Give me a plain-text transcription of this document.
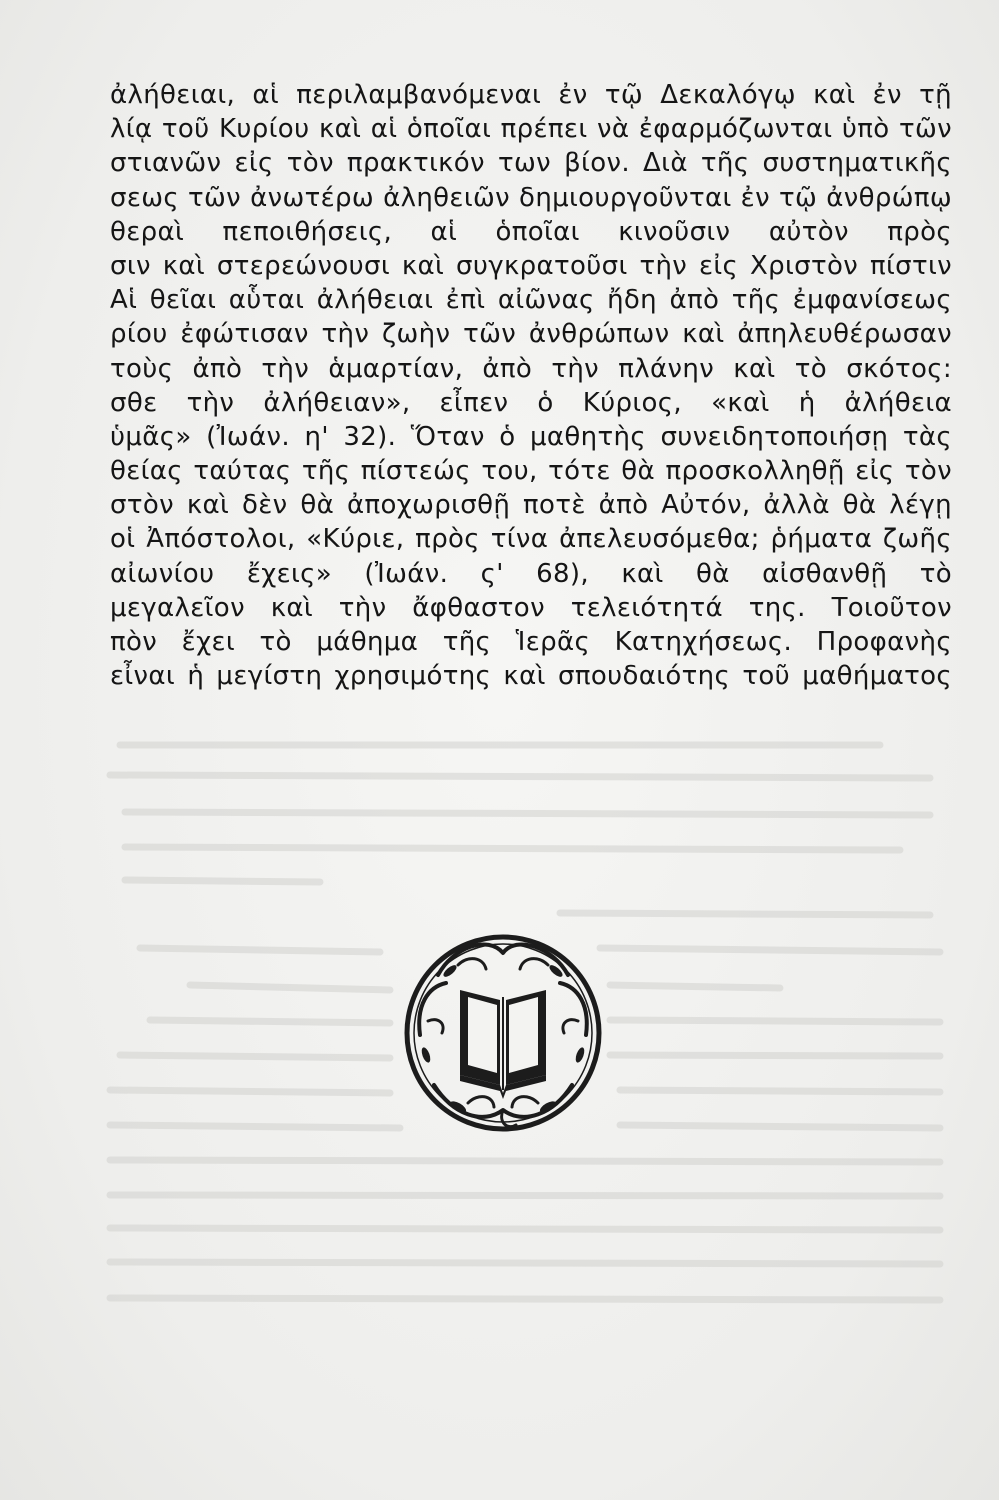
ἀλήθειαι, αἱ περιλαμβανόμεναι ἐν τῷ Δεκαλόγῳ καὶ ἐν τῇ
λίᾳ τοῦ Κυρίου καὶ αἱ ὁποῖαι πρέπει νὰ ἐφαρμόζωνται ὑπὸ τῶν
στιανῶν εἰς τὸν πρακτικόν των βίον. Διὰ τῆς συστηματικῆς
σεως τῶν ἀνωτέρω ἀληθειῶν δημιουργοῦνται ἐν τῷ ἀνθρώπῳ
θεραὶ πεποιθήσεις, αἱ ὁποῖαι κινοῦσιν αὐτὸν πρὸς
σιν καὶ στερεώνουσι καὶ συγκρατοῦσι τὴν εἰς Χριστὸν πίστιν
Αἱ θεῖαι αὗται ἀλήθειαι ἐπὶ αἰῶνας ἤδη ἀπὸ τῆς ἐμφανίσεως
ρίου ἐφώτισαν τὴν ζωὴν τῶν ἀνθρώπων καὶ ἀπηλευθέρωσαν
τοὺς ἀπὸ τὴν ἁμαρτίαν, ἀπὸ τὴν πλάνην καὶ τὸ σκότος:
σθε τὴν ἀλήθειαν», εἶπεν ὁ Κύριος, «καὶ ἡ ἀλήθεια
ὑμᾶς» (Ἰωάν. η' 32). Ὅταν ὁ μαθητὴς συνειδητοποιήσῃ τὰς
θείας ταύτας τῆς πίστεώς του, τότε θὰ προσκολληθῇ εἰς τὸν
στὸν καὶ δὲν θὰ ἀποχωρισθῇ ποτὲ ἀπὸ Αὐτόν, ἀλλὰ θὰ λέγῃ
οἱ Ἀπόστολοι, «Κύριε, πρὸς τίνα ἀπελευσόμεθα; ῥήματα ζωῆς
αἰωνίου ἔχεις» (Ἰωάν. ς' 68), καὶ θὰ αἰσθανθῇ τὸ
μεγαλεῖον καὶ τὴν ἄφθαστον τελειότητά της. Τοιοῦτον
πὸν ἔχει τὸ μάθημα τῆς Ἱερᾶς Κατηχήσεως. Προφανὴς
εἶναι ἡ μεγίστη χρησιμότης καὶ σπουδαιότης τοῦ μαθήματος
